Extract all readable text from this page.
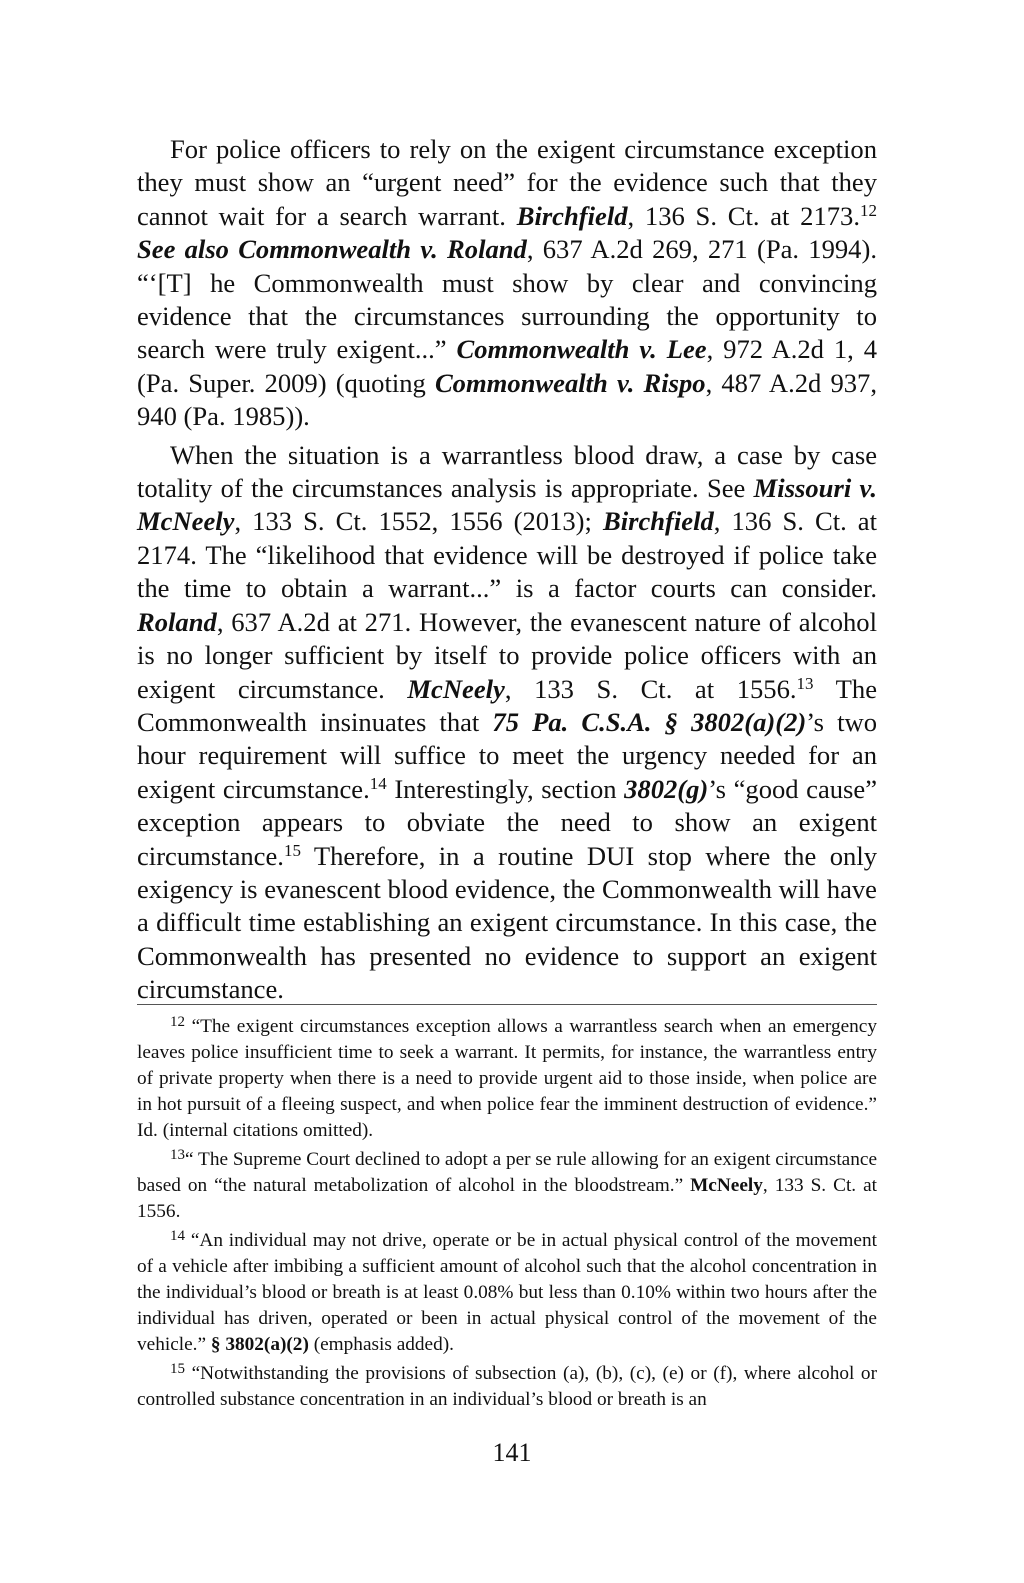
For police officers to rely on the exigent circumstance exception they must show an “urgent need” for the evidence such that they cannot wait for a search warrant. Birchfield, 136 S. Ct. at 2173.12 See also Commonwealth v. Roland, 637 A.2d 269, 271 (Pa. 1994). “‘[T] he Commonwealth must show by clear and convincing evidence that the circumstances surrounding the opportunity to search were truly exigent...” Commonwealth v. Lee, 972 A.2d 1, 4 (Pa. Super. 2009) (quoting Commonwealth v. Rispo, 487 A.2d 937, 940 (Pa. 1985)).

When the situation is a warrantless blood draw, a case by case totality of the circumstances analysis is appropriate. See Missouri v. McNeely, 133 S. Ct. 1552, 1556 (2013); Birchfield, 136 S. Ct. at 2174. The “likelihood that evidence will be destroyed if police take the time to obtain a warrant...” is a factor courts can consider. Roland, 637 A.2d at 271. However, the evanescent nature of alcohol is no longer sufficient by itself to provide police officers with an exigent circumstance. McNeely, 133 S. Ct. at 1556.13 The Commonwealth insinuates that 75 Pa. C.S.A. § 3802(a)(2)’s two hour requirement will suffice to meet the urgency needed for an exigent circumstance.$^{14}$ Interestingly, section 3802(g)’s “good cause” exception appears to obviate the need to show an exigent circumstance.$^{15}$ Therefore, in a routine DUI stop where the only exigency is evanescent blood evidence, the Commonwealth will have a difficult time establishing an exigent circumstance. In this case, the Commonwealth has presented no evidence to support an exigent circumstance.

$^{12}$ “The exigent circumstances exception allows a warrantless search when an emergency leaves police insufficient time to seek a warrant. It permits, for instance, the warrantless entry of private property when there is a need to provide urgent aid to those inside, when police are in hot pursuit of a fleeing suspect, and when police fear the imminent destruction of evidence.” Id. (internal citations omitted).

$^{13}$“ The Supreme Court declined to adopt a per se rule allowing for an exigent circumstance based on “the natural metabolization of alcohol in the bloodstream.” McNeely, 133 S. Ct. at 1556.

$^{14}$ “An individual may not drive, operate or be in actual physical control of the movement of a vehicle after imbibing a sufficient amount of alcohol such that the alcohol concentration in the individual’s blood or breath is at least 0.08% but less than 0.10% within two hours after the individual has driven, operated or been in actual physical control of the movement of the vehicle.” § 3802(a)(2) (emphasis added).

$^{15}$ “Notwithstanding the provisions of subsection (a), (b), (c), (e) or (f), where alcohol or controlled substance concentration in an individual’s blood or breath is an

141
